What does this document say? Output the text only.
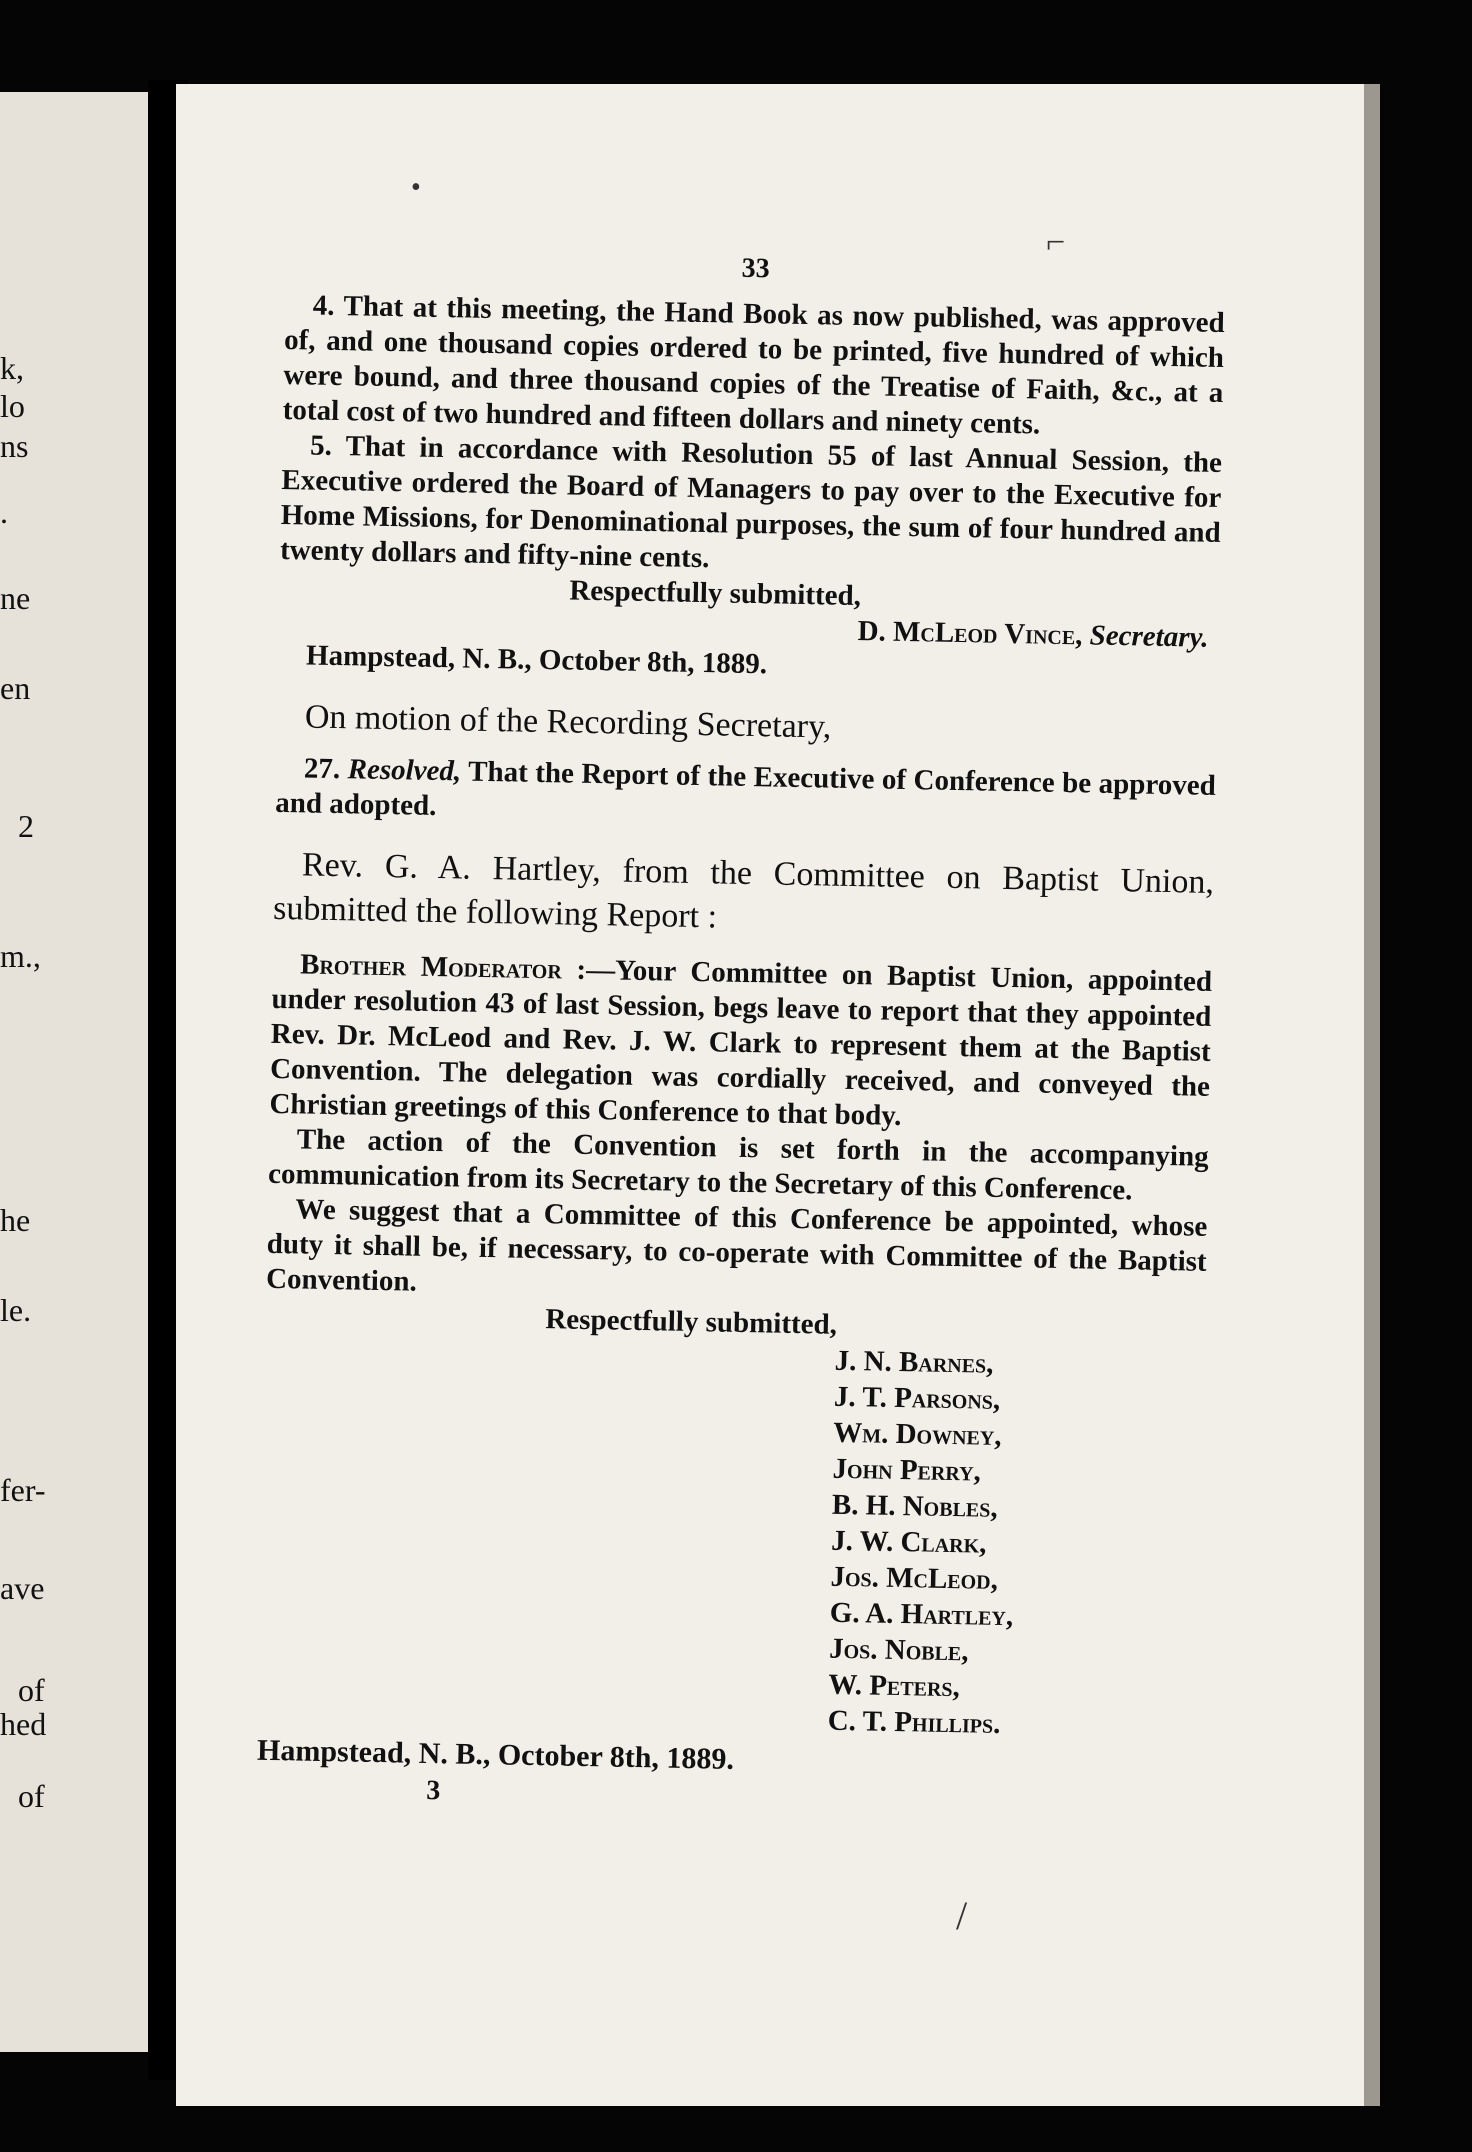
k,
lo
ns
.
ne
en
2
m.,
he
le.
fer-
ave
of
hed
of
•
⌐

33

4. That at this meeting, the Hand Book as now published, was approved of, and one thousand copies ordered to be printed, five hundred of which were bound, and three thousand copies of the Treatise of Faith, &c., at a total cost of two hundred and fifteen dollars and ninety cents.

5. That in accordance with Resolution 55 of last Annual Session, the Executive ordered the Board of Managers to pay over to the Executive for Home Missions, for Denominational purposes, the sum of four hundred and twenty dollars and fifty-nine cents.

Respectfully submitted,

D. McLeod Vince, Secretary.

Hampstead, N. B., October 8th, 1889.

On motion of the Recording Secretary,

27. Resolved, That the Report of the Executive of Conference be approved and adopted.

Rev. G. A. Hartley, from the Committee on Baptist Union, submitted the following Report :

Brother Moderator :—Your Committee on Baptist Union, appointed under resolution 43 of last Session, begs leave to report that they appointed Rev. Dr. McLeod and Rev. J. W. Clark to represent them at the Baptist Convention. The delegation was cordially received, and conveyed the Christian greetings of this Conference to that body.

The action of the Convention is set forth in the accompanying communication from its Secretary to the Secretary of this Conference.

We suggest that a Committee of this Conference be appointed, whose duty it shall be, if necessary, to co-operate with Committee of the Baptist Convention.

Respectfully submitted,

J. N. Barnes,
J. T. Parsons,
Wm. Downey,
John Perry,
B. H. Nobles,
J. W. Clark,
Jos. McLeod,
G. A. Hartley,
Jos. Noble,
W. Peters,
C. T. Phillips.
Hampstead, N. B., October 8th, 1889.
3
/
